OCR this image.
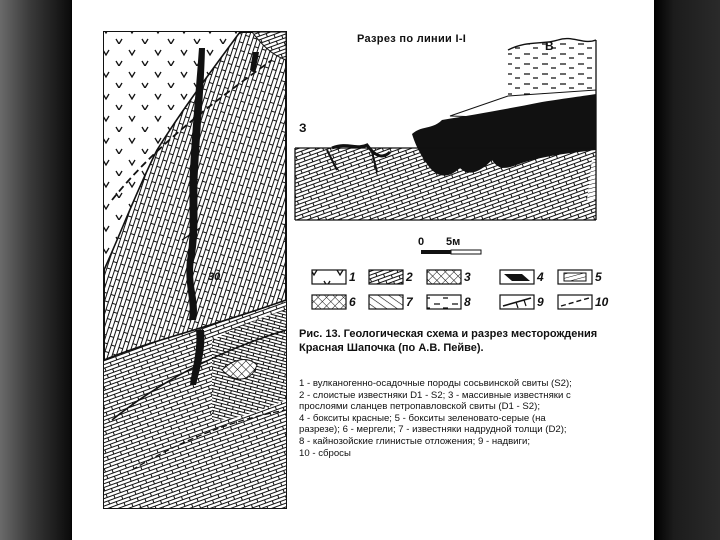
30
В
З
Разрез по линии I-I
0 5м
1	2	3	4	5
6	7	8	9	10
Рис. 13. Геологическая схема и разрез месторождения Красная Шапочка (по А.В. Пейве).
1 - вулканогенно-осадочные породы сосьвинской свиты (S2);
2 - слоистые известняки D1 - S2; 3 - массивные известняки с
прослоями сланцев петропавловской свиты (D1 - S2);
4 - бокситы красные; 5 - бокситы зеленовато-серые (на
разрезе); 6 - мергели; 7 - известняки надрудной толщи (D2);
8 - кайнозойские глинистые отложения; 9 - надвиги;
10 - сбросы
